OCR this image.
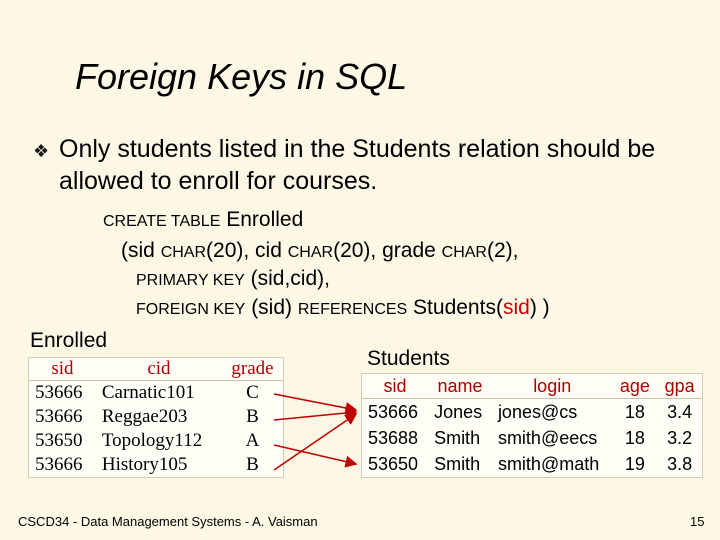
Foreign Keys in SQL
❖ Only students listed in the Students relation should be allowed to enroll for courses.
CREATE TABLE Enrolled
(sid CHAR(20), cid CHAR(20), grade CHAR(2),
PRIMARY KEY (sid,cid),
FOREIGN KEY (sid) REFERENCES Students(sid) )
Enrolled
Students
sid	cid	grade
53666	Carnatic101	C
53666	Reggae203	B
53650	Topology112	A
53666	History105	B
sid	name	login	age	gpa
53666	Jones	jones@cs	18	3.4
53688	Smith	smith@eecs	18	3.2
53650	Smith	smith@math	19	3.8
CSCD34 - Data Management Systems - A. Vaisman	15
